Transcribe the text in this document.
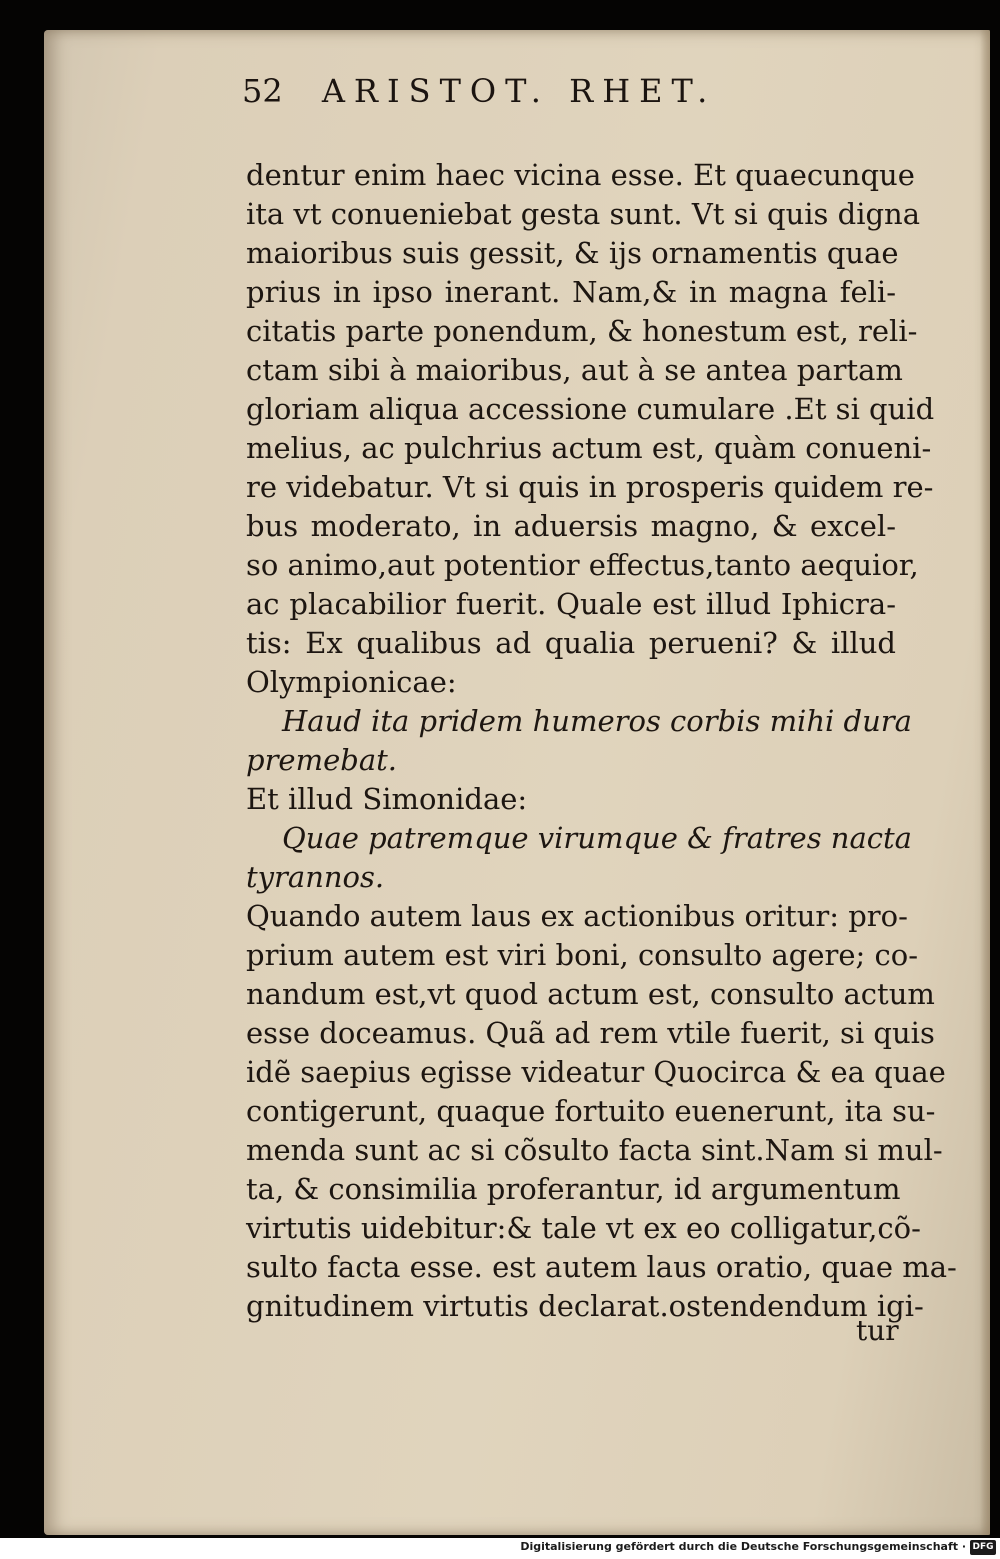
52 ARISTOT. RHET.
dentur enim haec vicina esse. Et quaecunque
ita vt conueniebat gesta sunt. Vt si quis digna
maioribus suis gessit, & ijs ornamentis quae
prius in ipso inerant. Nam,& in magna feli-
citatis parte ponendum, & honestum est, reli-
ctam sibi à maioribus, aut à se antea partam
gloriam aliqua accessione cumulare .Et si quid
melius, ac pulchrius actum est, quàm conueni-
re videbatur. Vt si quis in prosperis quidem re-
bus moderato, in aduersis magno, & excel-
so animo,aut potentior effectus,tanto aequior,
ac placabilior fuerit. Quale est illud Iphicra-
tis: Ex qualibus ad qualia perueni? & illud
Olympionicae:
Haud ita pridem humeros corbis mihi dura
premebat.
Et illud Simonidae:
Quae patremque virumque & fratres nacta
tyrannos.
Quando autem laus ex actionibus oritur: pro-
prium autem est viri boni, consulto agere; co-
nandum est,vt quod actum est, consulto actum
esse doceamus. Quã ad rem vtile fuerit, si quis
idẽ saepius egisse videatur Quocirca & ea quae
contigerunt, quaque fortuito euenerunt, ita su-
menda sunt ac si cõsulto facta sint.Nam si mul-
ta, & consimilia proferantur, id argumentum
virtutis uidebitur:& tale vt ex eo colligatur,cõ-
sulto facta esse. est autem laus oratio, quae ma-
gnitudinem virtutis declarat.ostendendum igi-
tur
Digitalisierung gefördert durch die Deutsche Forschungsgemeinschaft · DFG
